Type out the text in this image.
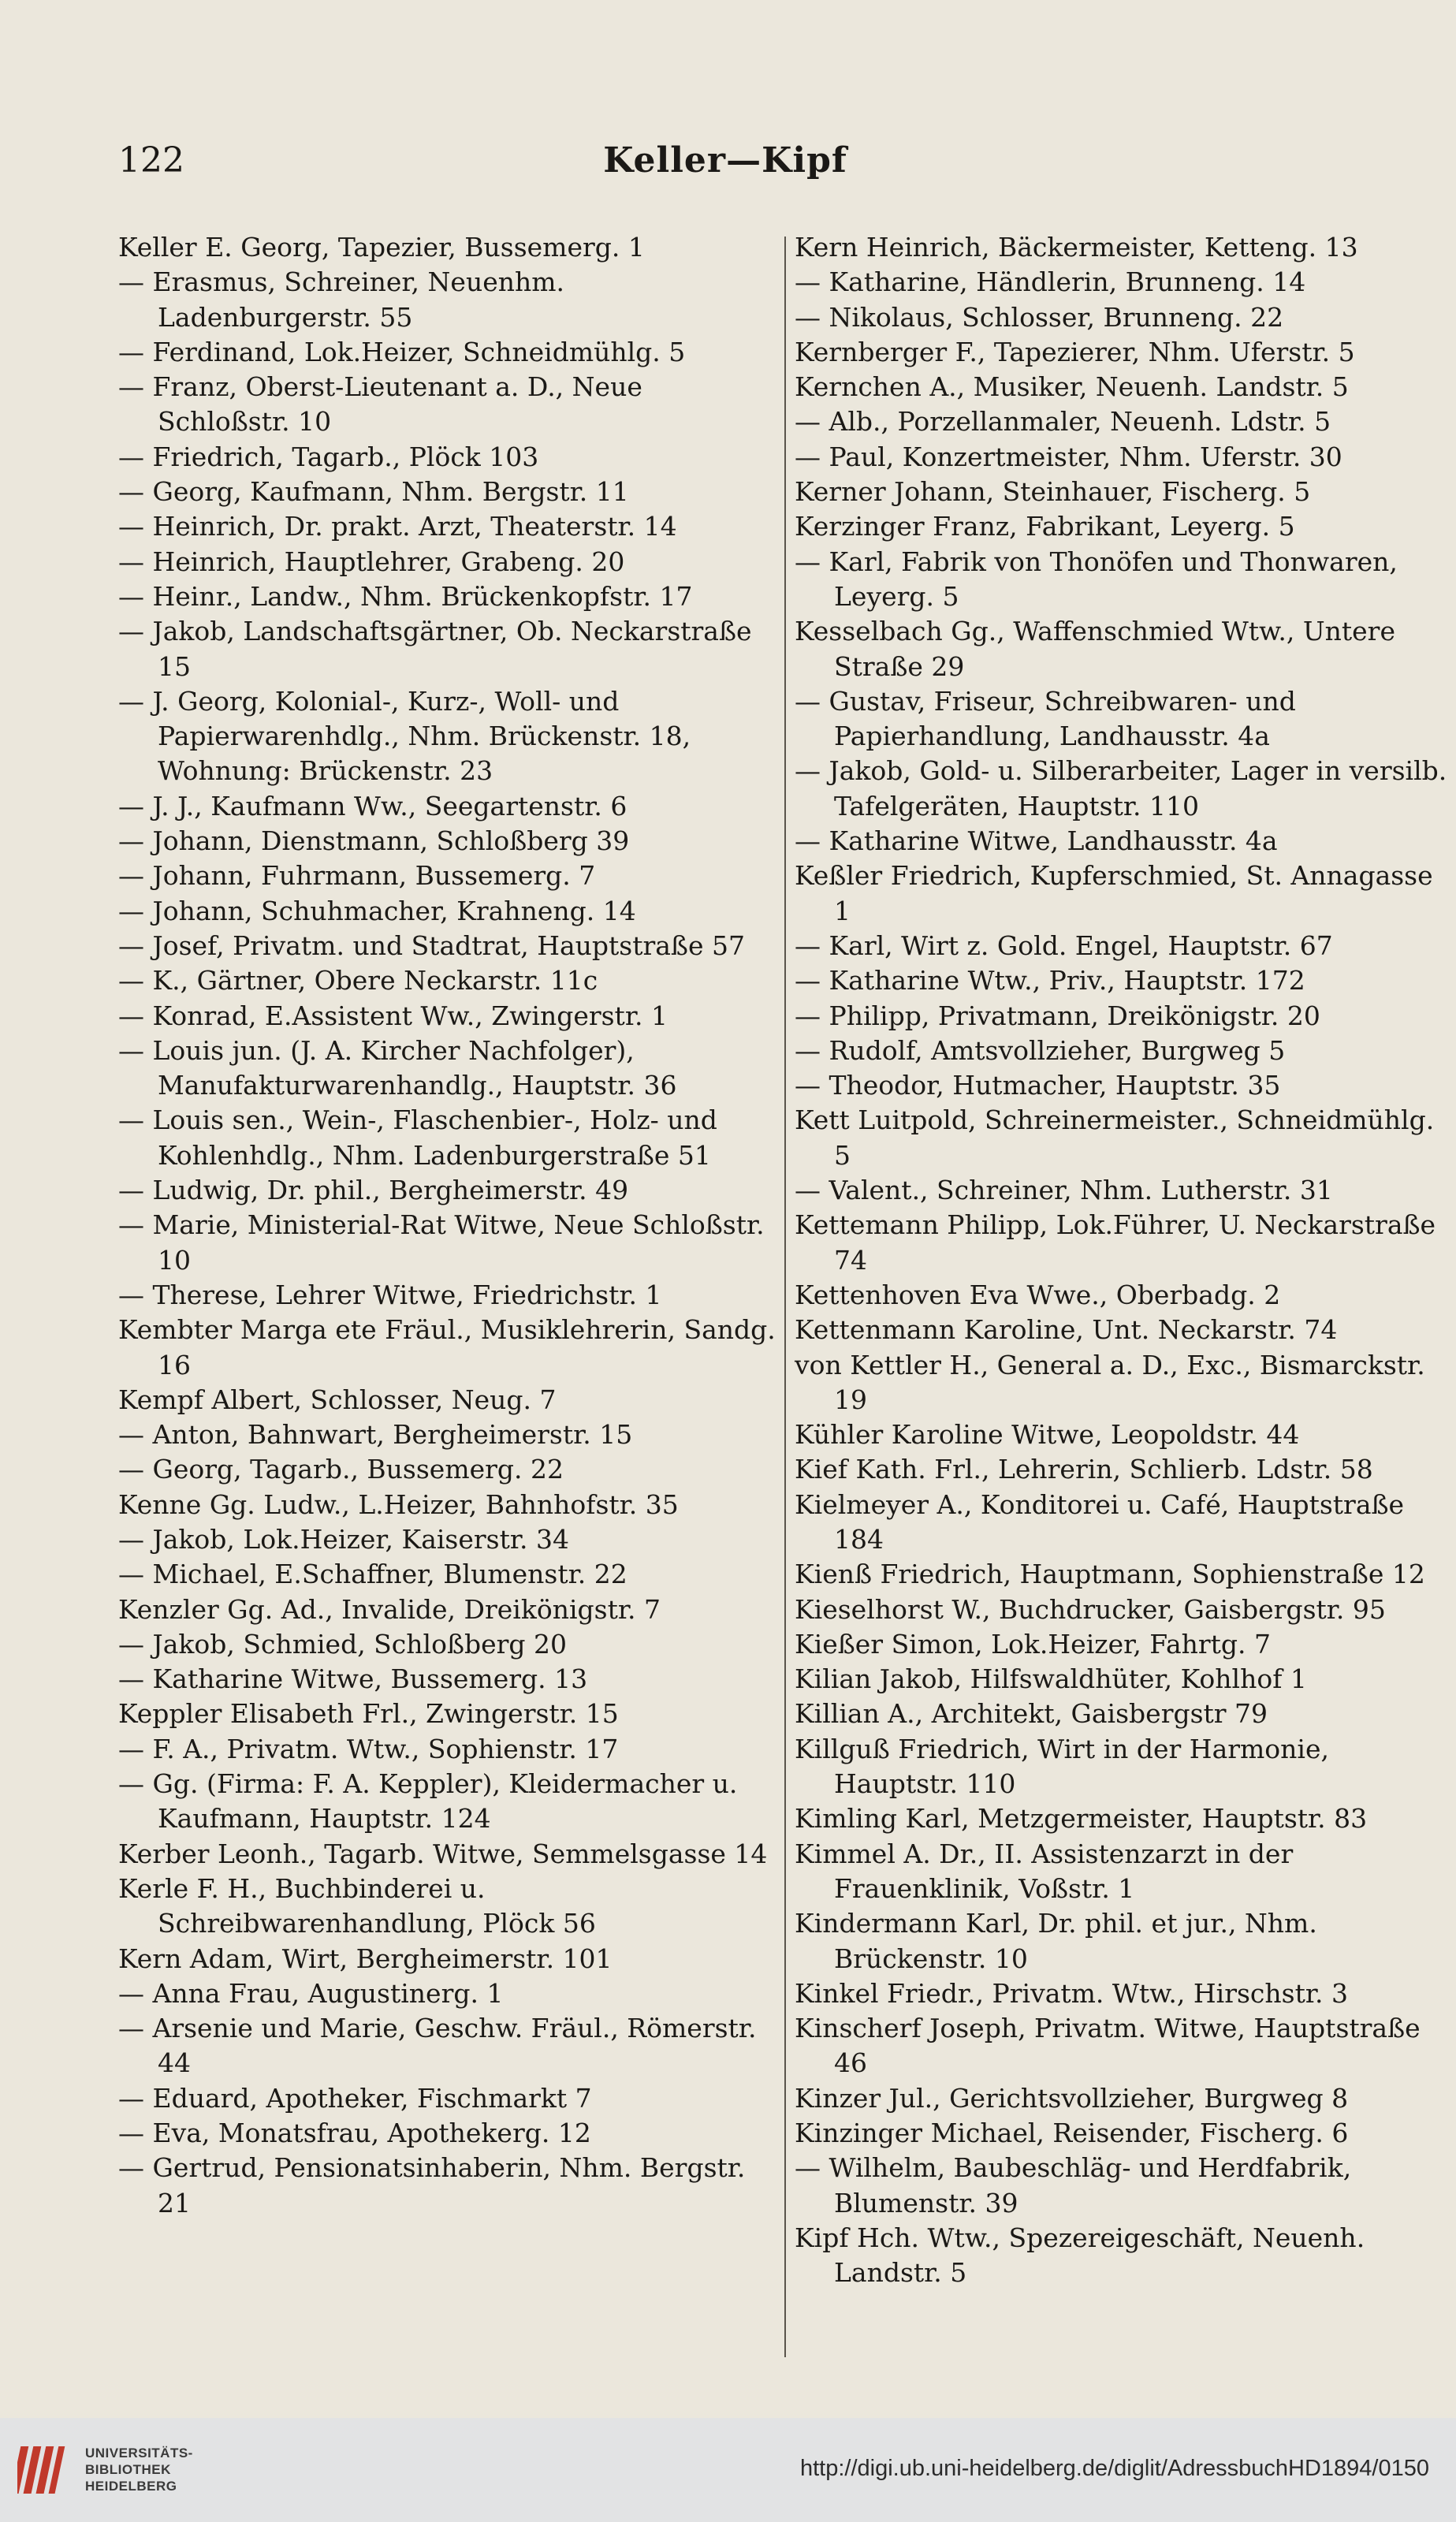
122	Keller—Kipf
Keller E. Georg, Tapezier, Bussemerg. 1
— Erasmus, Schreiner, Neuenhm. Ladenburgerstr. 55
— Ferdinand, Lok.Heizer, Schneidmühlg. 5
— Franz, Oberst-Lieutenant a. D., Neue Schloßstr. 10
— Friedrich, Tagarb., Plöck 103
— Georg, Kaufmann, Nhm. Bergstr. 11
— Heinrich, Dr. prakt. Arzt, Theaterstr. 14
— Heinrich, Hauptlehrer, Grabeng. 20
— Heinr., Landw., Nhm. Brückenkopfstr. 17
— Jakob, Landschaftsgärtner, Ob. Neckarstraße 15
— J. Georg, Kolonial-, Kurz-, Woll- und Papierwarenhdlg., Nhm. Brückenstr. 18, Wohnung: Brückenstr. 23
— J. J., Kaufmann Ww., Seegartenstr. 6
— Johann, Dienstmann, Schloßberg 39
— Johann, Fuhrmann, Bussemerg. 7
— Johann, Schuhmacher, Krahneng. 14
— Josef, Privatm. und Stadtrat, Hauptstraße 57
— K., Gärtner, Obere Neckarstr. 11c
— Konrad, E.Assistent Ww., Zwingerstr. 1
— Louis jun. (J. A. Kircher Nachfolger), Manufakturwarenhandlg., Hauptstr. 36
— Louis sen., Wein-, Flaschenbier-, Holz- und Kohlenhdlg., Nhm. Ladenburgerstraße 51
— Ludwig, Dr. phil., Bergheimerstr. 49
— Marie, Ministerial-Rat Witwe, Neue Schloßstr. 10
— Therese, Lehrer Witwe, Friedrichstr. 1
Kembter Marga ete Fräul., Musiklehrerin, Sandg. 16
Kempf Albert, Schlosser, Neug. 7
— Anton, Bahnwart, Bergheimerstr. 15
— Georg, Tagarb., Bussemerg. 22
Kenne Gg. Ludw., L.Heizer, Bahnhofstr. 35
— Jakob, Lok.Heizer, Kaiserstr. 34
— Michael, E.Schaffner, Blumenstr. 22
Kenzler Gg. Ad., Invalide, Dreikönigstr. 7
— Jakob, Schmied, Schloßberg 20
— Katharine Witwe, Bussemerg. 13
Keppler Elisabeth Frl., Zwingerstr. 15
— F. A., Privatm. Wtw., Sophienstr. 17
— Gg. (Firma: F. A. Keppler), Kleidermacher u. Kaufmann, Hauptstr. 124
Kerber Leonh., Tagarb. Witwe, Semmelsgasse 14
Kerle F. H., Buchbinderei u. Schreibwarenhandlung, Plöck 56
Kern Adam, Wirt, Bergheimerstr. 101
— Anna Frau, Augustinerg. 1
— Arsenie und Marie, Geschw. Fräul., Römerstr. 44
— Eduard, Apotheker, Fischmarkt 7
— Eva, Monatsfrau, Apothekerg. 12
— Gertrud, Pensionatsinhaberin, Nhm. Bergstr. 21
Kern Heinrich, Bäckermeister, Ketteng. 13
— Katharine, Händlerin, Brunneng. 14
— Nikolaus, Schlosser, Brunneng. 22
Kernberger F., Tapezierer, Nhm. Uferstr. 5
Kernchen A., Musiker, Neuenh. Landstr. 5
— Alb., Porzellanmaler, Neuenh. Ldstr. 5
— Paul, Konzertmeister, Nhm. Uferstr. 30
Kerner Johann, Steinhauer, Fischerg. 5
Kerzinger Franz, Fabrikant, Leyerg. 5
— Karl, Fabrik von Thonöfen und Thonwaren, Leyerg. 5
Kesselbach Gg., Waffenschmied Wtw., Untere Straße 29
— Gustav, Friseur, Schreibwaren- und Papierhandlung, Landhausstr. 4a
— Jakob, Gold- u. Silberarbeiter, Lager in versilb. Tafelgeräten, Hauptstr. 110
— Katharine Witwe, Landhausstr. 4a
Keßler Friedrich, Kupferschmied, St. Annagasse 1
— Karl, Wirt z. Gold. Engel, Hauptstr. 67
— Katharine Wtw., Priv., Hauptstr. 172
— Philipp, Privatmann, Dreikönigstr. 20
— Rudolf, Amtsvollzieher, Burgweg 5
— Theodor, Hutmacher, Hauptstr. 35
Kett Luitpold, Schreinermeister., Schneidmühlg. 5
— Valent., Schreiner, Nhm. Lutherstr. 31
Kettemann Philipp, Lok.Führer, U. Neckarstraße 74
Kettenhoven Eva Wwe., Oberbadg. 2
Kettenmann Karoline, Unt. Neckarstr. 74
von Kettler H., General a. D., Exc., Bismarckstr. 19
Kühler Karoline Witwe, Leopoldstr. 44
Kief Kath. Frl., Lehrerin, Schlierb. Ldstr. 58
Kielmeyer A., Konditorei u. Café, Hauptstraße 184
Kienß Friedrich, Hauptmann, Sophienstraße 12
Kieselhorst W., Buchdrucker, Gaisbergstr. 95
Kießer Simon, Lok.Heizer, Fahrtg. 7
Kilian Jakob, Hilfswaldhüter, Kohlhof 1
Killian A., Architekt, Gaisbergstr 79
Killguß Friedrich, Wirt in der Harmonie, Hauptstr. 110
Kimling Karl, Metzgermeister, Hauptstr. 83
Kimmel A. Dr., II. Assistenzarzt in der Frauenklinik, Voßstr. 1
Kindermann Karl, Dr. phil. et jur., Nhm. Brückenstr. 10
Kinkel Friedr., Privatm. Wtw., Hirschstr. 3
Kinscherf Joseph, Privatm. Witwe, Hauptstraße 46
Kinzer Jul., Gerichtsvollzieher, Burgweg 8
Kinzinger Michael, Reisender, Fischerg. 6
— Wilhelm, Baubeschläg- und Herdfabrik, Blumenstr. 39
Kipf Hch. Wtw., Spezereigeschäft, Neuenh. Landstr. 5
UNIVERSITÄTS-
BIBLIOTHEK
HEIDELBERG
http://digi.ub.uni-heidelberg.de/diglit/AdressbuchHD1894/0150
